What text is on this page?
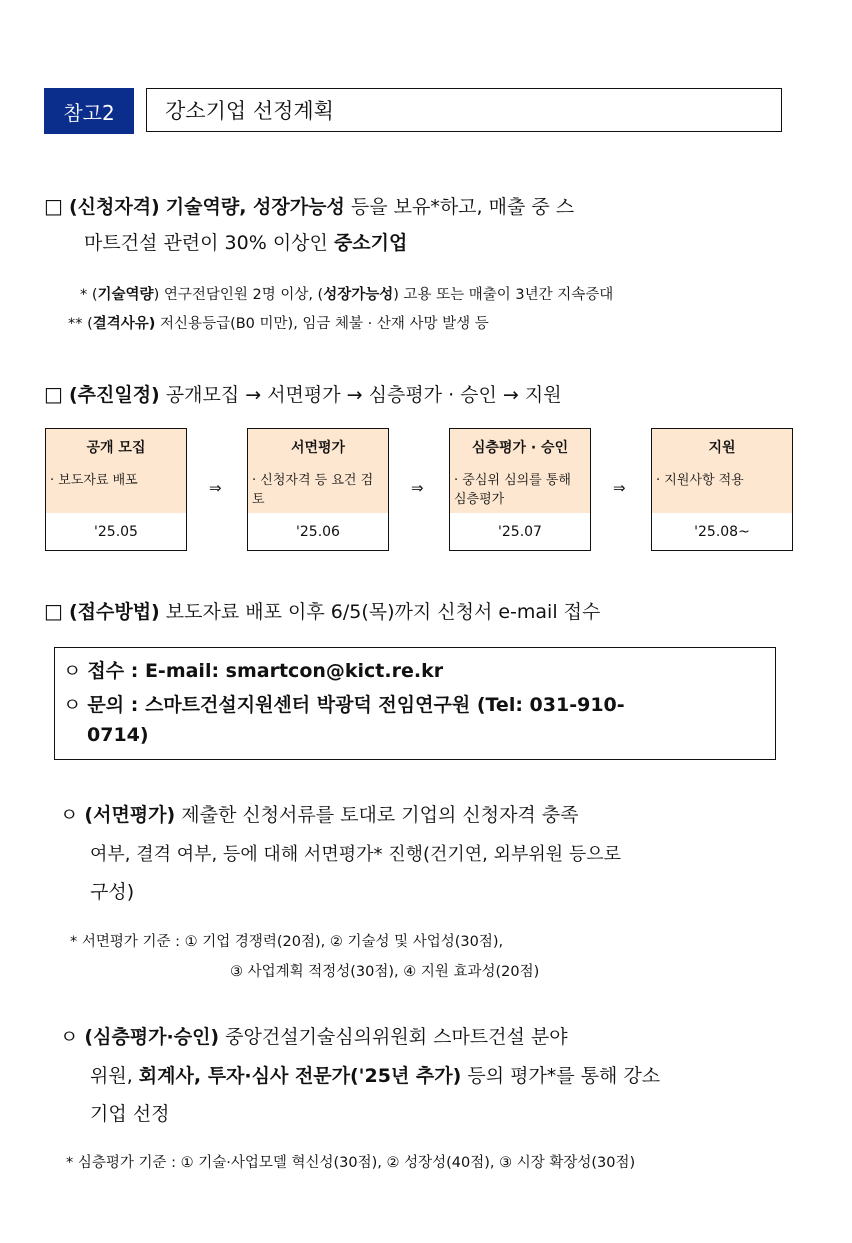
참고2	강소기업 선정계획
□ (신청자격) 기술역량, 성장가능성 등을 보유*하고, 매출 중 스
마트건설 관련이 30% 이상인 중소기업
* (기술역량) 연구전담인원 2명 이상, (성장가능성) 고용 또는 매출이 3년간 지속증대
** (결격사유) 저신용등급(B0 미만), 임금 체불 · 산재 사망 발생 등
□ (추진일정) 공개모집 → 서면평가 → 심층평가 · 승인 → 지원
공개 모집
· 보도자료 배포
'25.05
⇒
서면평가
· 신청자격 등 요건 검토
'25.06
⇒
심층평가 · 승인
· 중심위 심의를 통해 심층평가
'25.07
⇒
지원
· 지원사항 적용
'25.08~
□ (접수방법) 보도자료 배포 이후 6/5(목)까지 신청서 e-mail 접수
ㅇ 접수 : E-mail: smartcon@kict.re.kr
ㅇ 문의 : 스마트건설지원센터 박광덕 전임연구원 (Tel: 031-910-
0714)
ㅇ (서면평가) 제출한 신청서류를 토대로 기업의 신청자격 충족
여부, 결격 여부, 등에 대해 서면평가* 진행(건기연, 외부위원 등으로
구성)
* 서면평가 기준 : ① 기업 경쟁력(20점), ② 기술성 및 사업성(30점),
③ 사업계획 적정성(30점), ④ 지원 효과성(20점)
ㅇ (심층평가·승인) 중앙건설기술심의위원회 스마트건설 분야
위원, 회계사, 투자·심사 전문가('25년 추가) 등의 평가*를 통해 강소
기업 선정
* 심층평가 기준 : ① 기술·사업모델 혁신성(30점), ② 성장성(40점), ③ 시장 확장성(30점)
